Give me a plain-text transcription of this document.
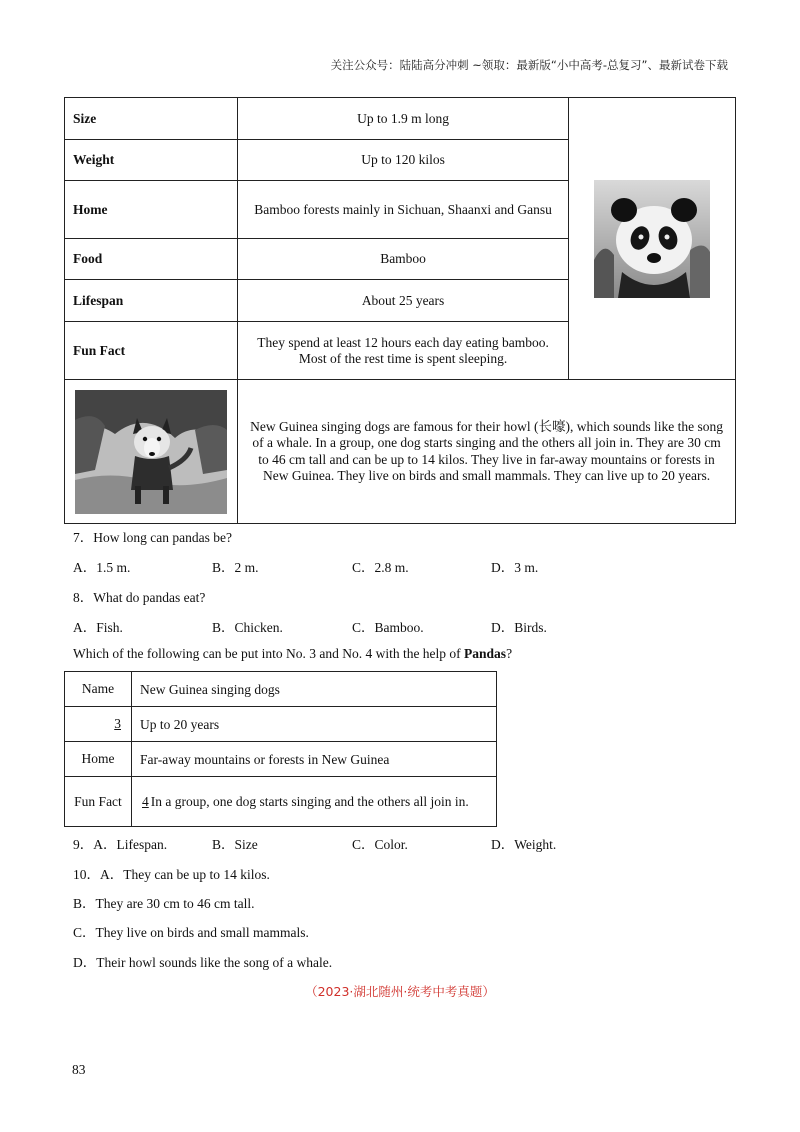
关注公众号：陆陆高分冲刺 ~领取：最新版“小中高考-总复习”、最新试卷下载
Size	Up to 1.9 m long	

Weight	Up to 120 kilos	
Home	Bamboo forests mainly in Sichuan, Shaanxi and Gansu	
Food	Bamboo	
Lifespan	About 25 years	
Fun Fact	They spend at least 12 hours each day eating bamboo. Most of the rest time is spent sleeping.	

	New Guinea singing dogs are famous for their howl (长嚎), which sounds like the song of a whale. In a group, one dog starts singing and the others all join in. They are 30 cm to 46 cm tall and can be up to 14 kilos. They live in far-away mountains or forests in New Guinea. They live on birds and small mammals. They can live up to 20 years.	
7．How long can pandas be?
A．1.5 m.	B．2 m.	C．2.8 m.	D．3 m.
8．What do pandas eat?
A．Fish.	B．Chicken.	C．Bamboo.	D．Birds.
Which of the following can be put into No. 3 and No. 4 with the help of Pandas?
Name	New Guinea singing dogs
3	Up to 20 years
Home	Far-away mountains or forests in New Guinea
Fun Fact	4 In a group, one dog starts singing and the others all join in.
9．A．Lifespan.	B．Size	C．Color.	D．Weight.
10．A．They can be up to 14 kilos.
B．They are 30 cm to 46 cm tall.
C．They live on birds and small mammals.
D．Their howl sounds like the song of a whale.
（2023·湖北随州·统考中考真题）
83
